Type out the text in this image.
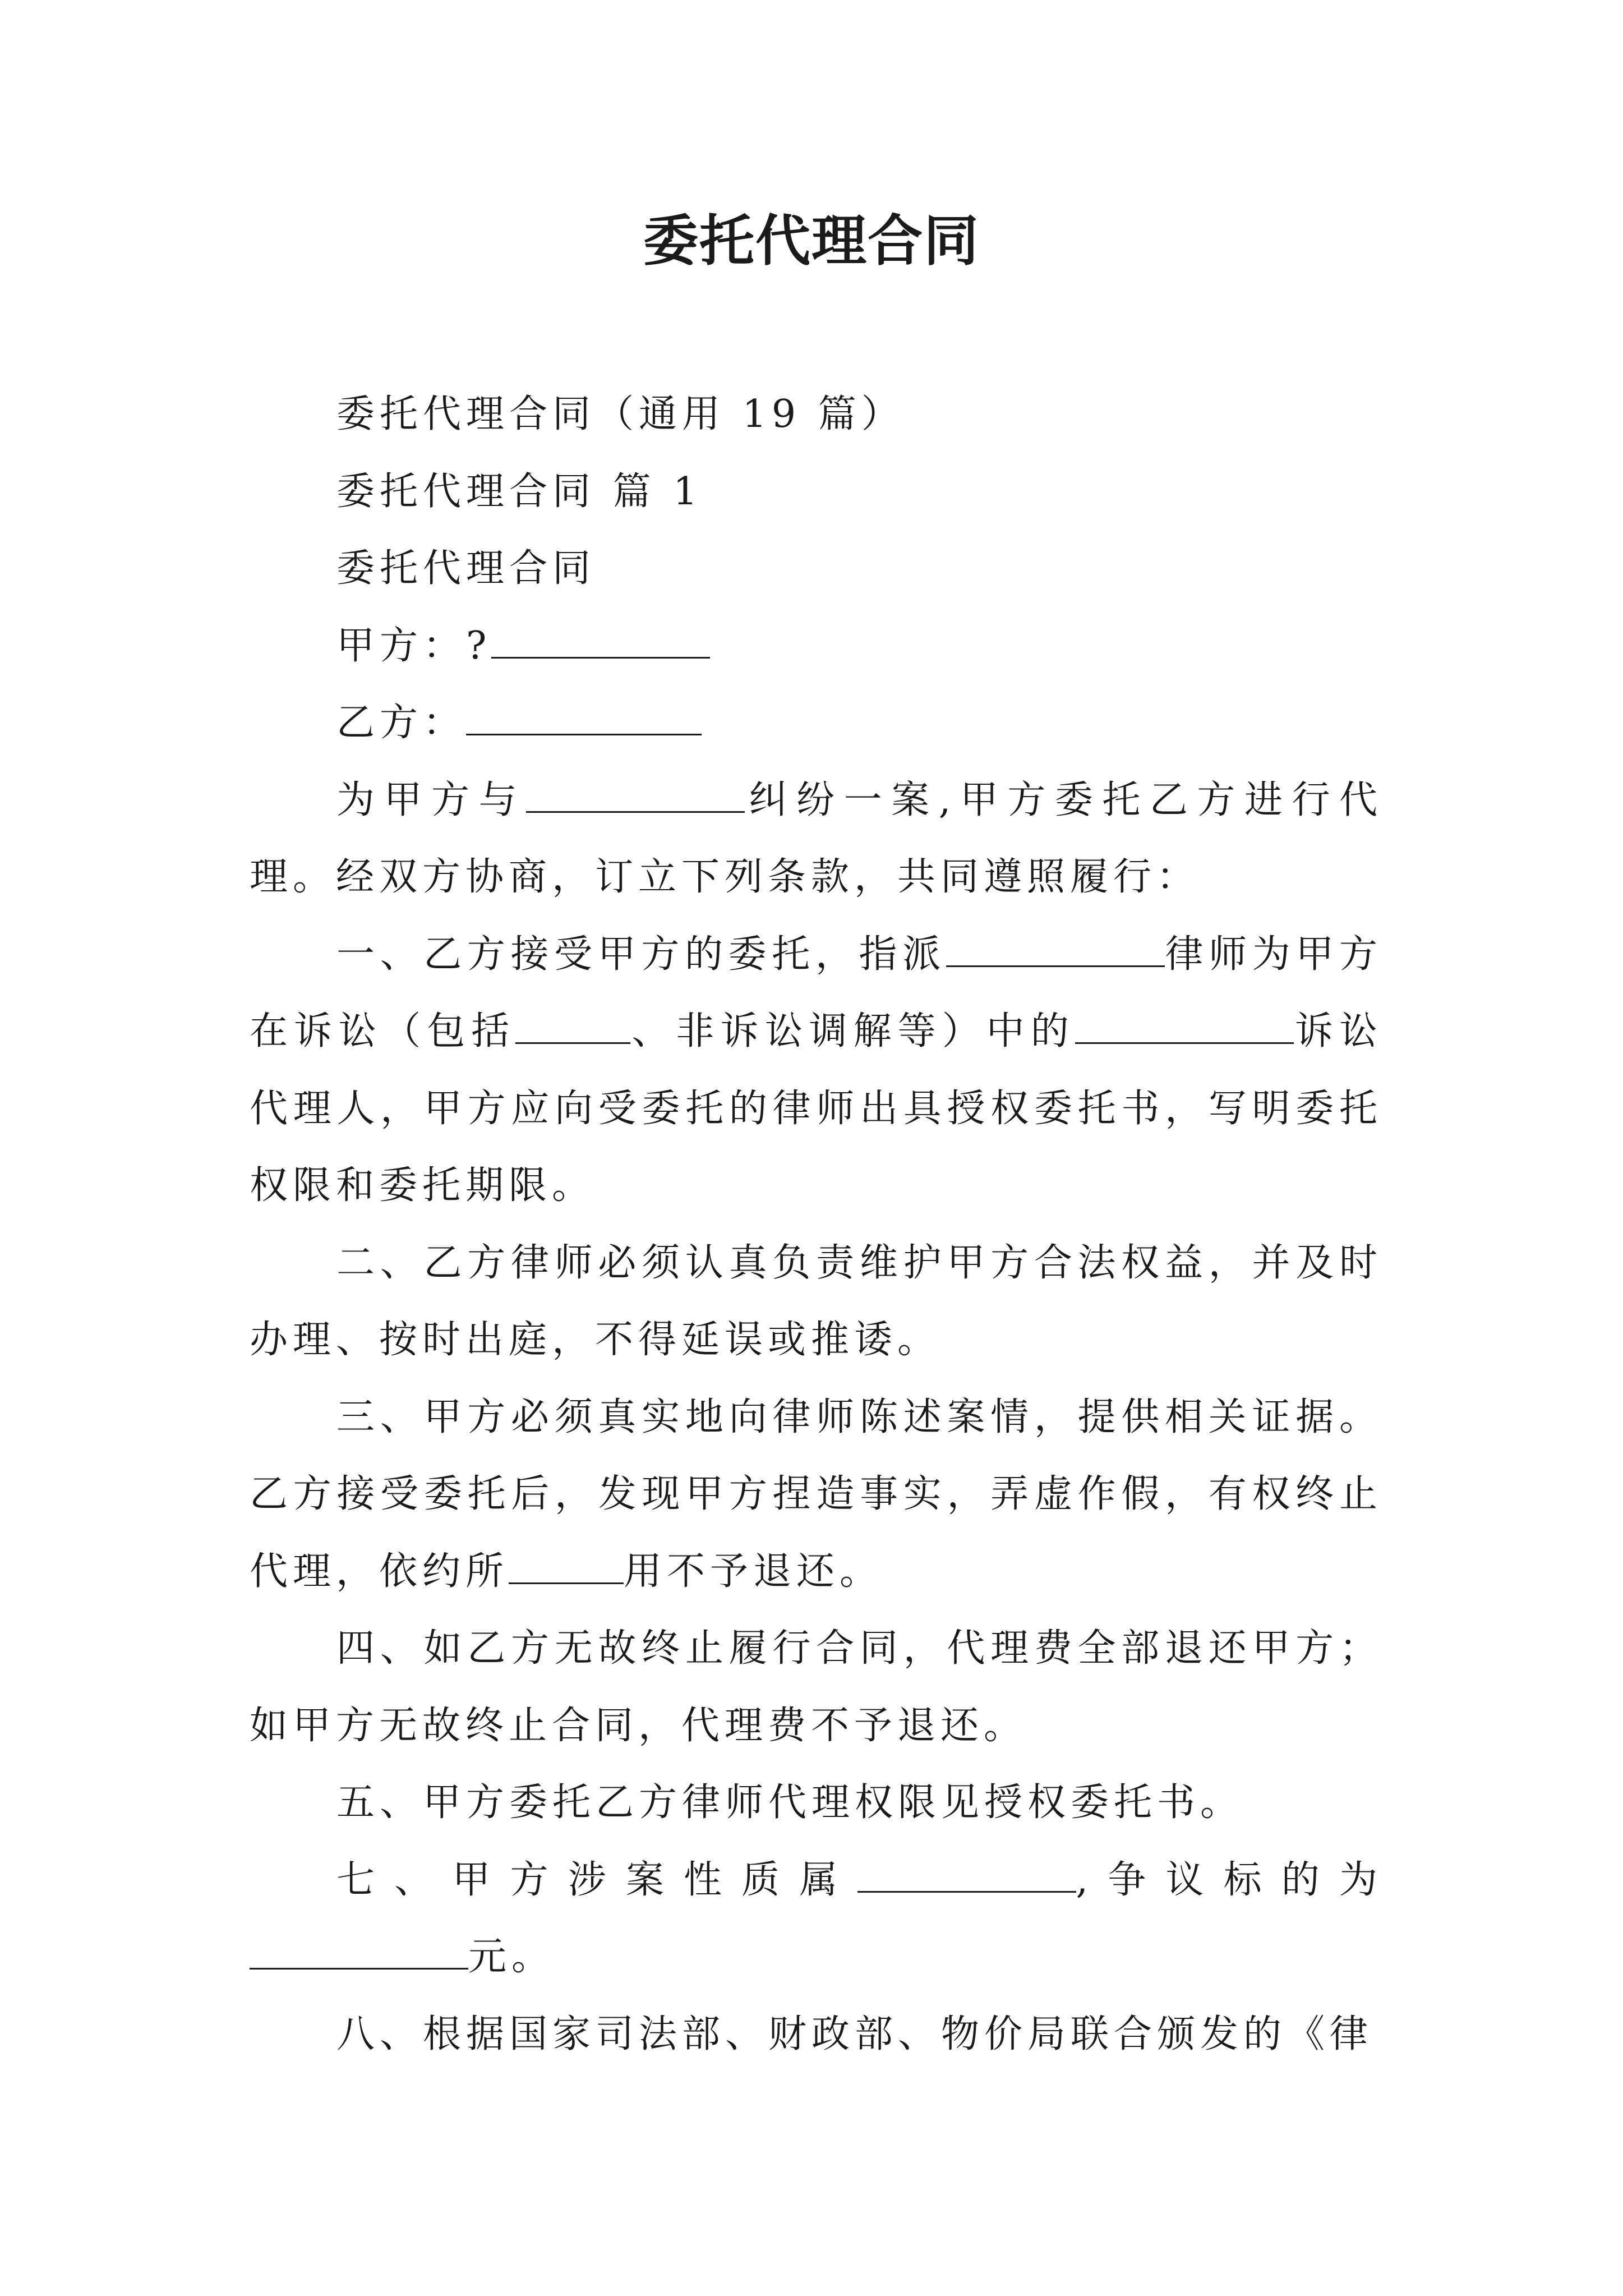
委托代理合同

委托代理合同（通用 19 篇）

委托代理合同 篇 1

委托代理合同

甲方：?

乙方：

为甲方与	纠纷一案,甲方委托乙方进行代理。经双方协商，订立下列条款，共同遵照履行：

一、乙方接受甲方的委托，指派	律师为甲方在诉讼（包括	、非诉讼调解等）中的	诉讼代理人，甲方应向受委托的律师出具授权委托书，写明委托权限和委托期限。

二、乙方律师必须认真负责维护甲方合法权益，并及时办理、按时出庭，不得延误或推诿。

三、甲方必须真实地向律师陈述案情，提供相关证据。乙方接受委托后，发现甲方捏造事实，弄虚作假，有权终止代理，依约所	用不予退还。

四、如乙方无故终止履行合同，代理费全部退还甲方；如甲方无故终止合同，代理费不予退还。

五、甲方委托乙方律师代理权限见授权委托书。

七、甲方涉案性质属	,争议标的为元。

八、根据国家司法部、财政部、物价局联合颁发的《律
